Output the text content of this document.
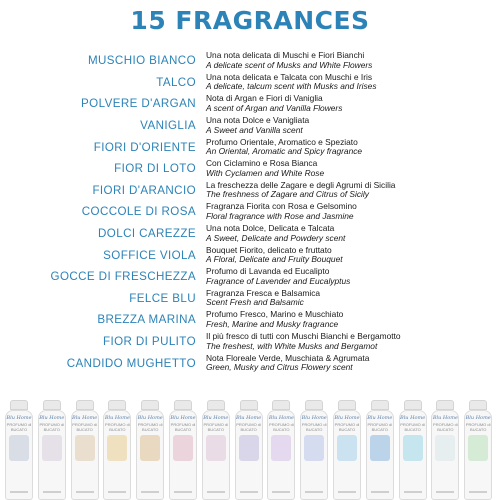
15 FRAGRANCES
MUSCHIO BIANCO	Una nota delicata di Muschi e Fiori Bianchi
A delicate scent of Musks and White Flowers
TALCO	Una nota delicata e Talcata con Muschi e Iris
A delicate, talcum scent with Musks and Irises
POLVERE D'ARGAN	Nota di Argan e Fiori di Vaniglia
A scent of Argan and Vanilla Flowers
VANIGLIA	Una nota Dolce e Vanigliata
A Sweet and Vanilla scent
FIORI D'ORIENTE	Profumo Orientale, Aromatico e Speziato
An Oriental, Aromatic and Spicy fragrance
FIOR DI LOTO	Con Ciclamino e Rosa Bianca
With Cyclamen and White Rose
FIORI D'ARANCIO	La freschezza delle Zagare e degli Agrumi di Sicilia
The freshness of Zagare and Citrus of Sicily
COCCOLE DI ROSA	Fragranza Fiorita con Rosa e Gelsomino
Floral fragrance with Rose and Jasmine
DOLCI CAREZZE	Una nota Dolce, Delicata e Talcata
A Sweet, Delicate and Powdery scent
SOFFICE VIOLA	Bouquet Fiorito, delicato e fruttato
A Floral, Delicate and Fruity Bouquet
GOCCE DI FRESCHEZZA	Profumo di Lavanda ed Eucalipto
Fragrance of Lavender and Eucalyptus
FELCE BLU	Fragranza Fresca e Balsamica
Scent Fresh and Balsamic
BREZZA MARINA	Profumo Fresco, Marino e Muschiato
Fresh, Marine and Musky fragrance
FIOR DI PULITO	Il più fresco di tutti con Muschi Bianchi e Bergamotto
The freshest, with White Musks and Bergamot
CANDIDO MUGHETTO	Nota Floreale Verde, Muschiata & Agrumata
Green, Musky and Citrus Flowery scent
Blu Home
PROFUMO di BUCATO
Blu Home
PROFUMO di BUCATO
Blu Home
PROFUMO di BUCATO
Blu Home
PROFUMO di BUCATO
Blu Home
PROFUMO di BUCATO
Blu Home
PROFUMO di BUCATO
Blu Home
PROFUMO di BUCATO
Blu Home
PROFUMO di BUCATO
Blu Home
PROFUMO di BUCATO
Blu Home
PROFUMO di BUCATO
Blu Home
PROFUMO di BUCATO
Blu Home
PROFUMO di BUCATO
Blu Home
PROFUMO di BUCATO
Blu Home
PROFUMO di BUCATO
Blu Home
PROFUMO di BUCATO
